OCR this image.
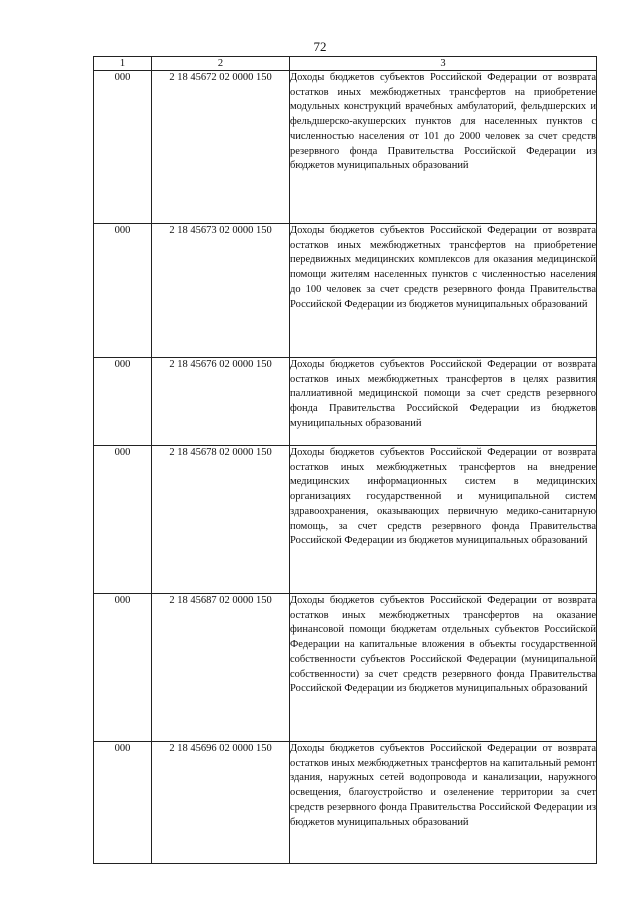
72
1	2	3
000	2 18 45672 02 0000 150	Доходы бюджетов субъектов Российской Федерации от возврата остатков иных межбюджетных трансфертов на приобретение модульных конструкций врачебных амбулаторий, фельдшерских и фельдшерско-акушерских пунктов для населенных пунктов с численностью населения от 101 до 2000 человек за счет средств резервного фонда Правительства Российской Федерации из бюджетов муниципальных образований
000	2 18 45673 02 0000 150	Доходы бюджетов субъектов Российской Федерации от возврата остатков иных межбюджетных трансфертов на приобретение передвижных медицинских комплексов для оказания медицинской помощи жителям населенных пунктов с численностью населения до 100 человек за счет средств резервного фонда Правительства Российской Федерации из бюджетов муниципальных образований
000	2 18 45676 02 0000 150	Доходы бюджетов субъектов Российской Федерации от возврата остатков иных межбюджетных трансфертов в целях развития паллиативной медицинской помощи за счет средств резервного фонда Правительства Российской Федерации из бюджетов муниципальных образований
000	2 18 45678 02 0000 150	Доходы бюджетов субъектов Российской Федерации от возврата остатков иных межбюджетных трансфертов на внедрение медицинских информационных систем в медицинских организациях государственной и муниципальной систем здравоохранения, оказывающих первичную медико-санитарную помощь, за счет средств резервного фонда Правительства Российской Федерации из бюджетов муниципальных образований
000	2 18 45687 02 0000 150	Доходы бюджетов субъектов Российской Федерации от возврата остатков иных межбюджетных трансфертов на оказание финансовой помощи бюджетам отдельных субъектов Российской Федерации на капитальные вложения в объекты государственной собственности субъектов Российской Федерации (муниципальной собственности) за счет средств резервного фонда Правительства Российской Федерации из бюджетов муниципальных образований
000	2 18 45696 02 0000 150	Доходы бюджетов субъектов Российской Федерации от возврата остатков иных межбюджетных трансфертов на капитальный ремонт здания, наружных сетей водопровода и канализации, наружного освещения, благоустройство и озеленение территории за счет средств резервного фонда Правительства Российской Федерации из бюджетов муниципальных образований
